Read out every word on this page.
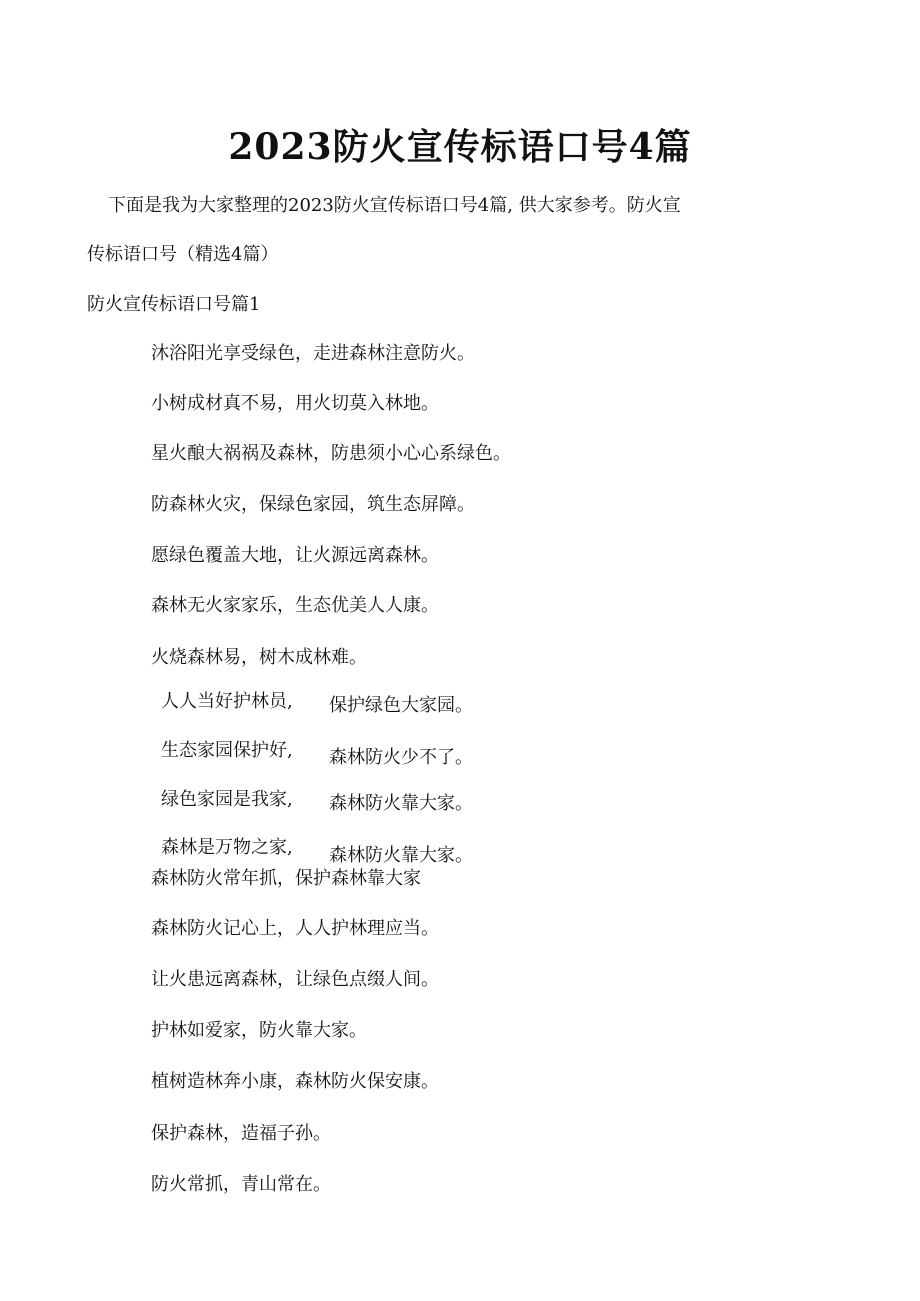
2023防火宣传标语口号4篇
下面是我为大家整理的2023防火宣传标语口号4篇, 供大家参考。防火宣
传标语口号（精选4篇）
防火宣传标语口号篇1
沐浴阳光享受绿色，走进森林注意防火。
小树成材真不易，用火切莫入林地。
星火酿大祸祸及森林，防患须小心心系绿色。
防森林火灾，保绿色家园，筑生态屏障。
愿绿色覆盖大地，让火源远离森林。
森林无火家家乐，生态优美人人康。
火烧森林易，树木成林难。
人人当好护林员, 保护绿色大家园。
生态家园保护好, 森林防火少不了。
绿色家园是我家, 森林防火靠大家。
森林是万物之家, 森林防火靠大家。
森林防火常年抓，保护森林靠大家
森林防火记心上，人人护林理应当。
让火患远离森林，让绿色点缀人间。
护林如爱家，防火靠大家。
植树造林奔小康，森林防火保安康。
保护森林，造福子孙。
防火常抓，青山常在。
